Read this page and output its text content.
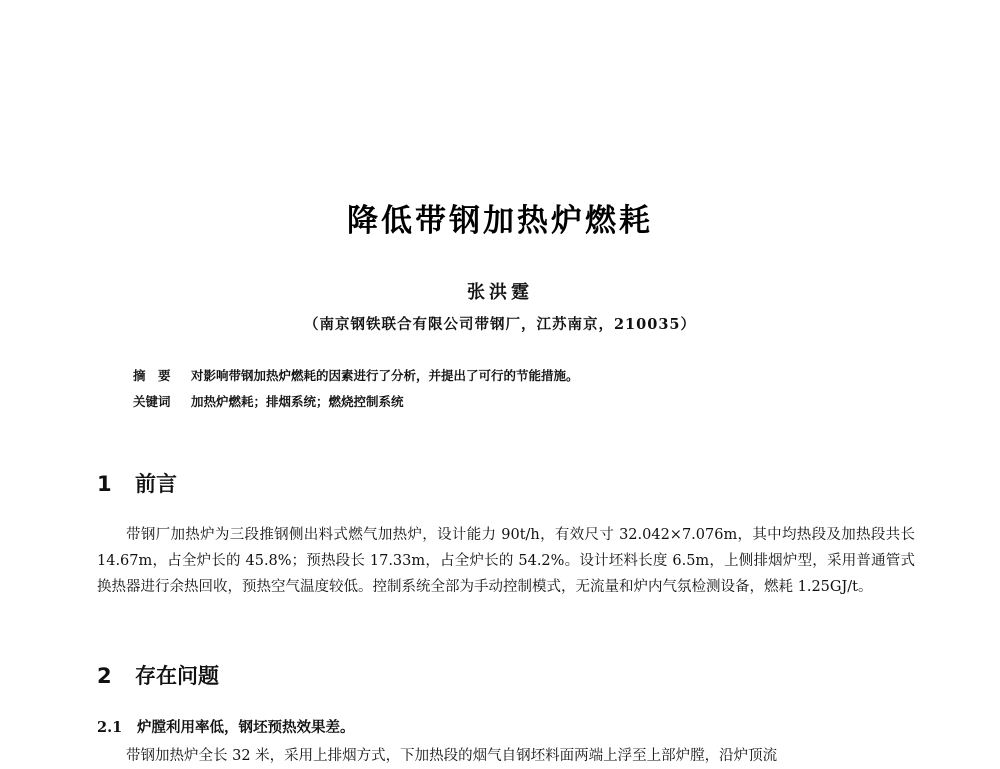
降低带钢加热炉燃耗
张洪霆
（南京钢铁联合有限公司带钢厂，江苏南京，210035）
摘　要 对影响带钢加热炉燃耗的因素进行了分析，并提出了可行的节能措施。
关键词 加热炉燃耗；排烟系统；燃烧控制系统
1 前言

带钢厂加热炉为三段推钢侧出料式燃气加热炉，设计能力 90t/h，有效尺寸 32.042×7.076m，其中均热段及加热段共长 14.67m，占全炉长的 45.8%；预热段长 17.33m，占全炉长的 54.2%。设计坯料长度 6.5m，上侧排烟炉型，采用普通管式换热器进行余热回收，预热空气温度较低。控制系统全部为手动控制模式，无流量和炉内气氛检测设备，燃耗 1.25GJ/t。

2 存在问题
2.1 炉膛利用率低，钢坯预热效果差。

带钢加热炉全长 32 米，采用上排烟方式，下加热段的烟气自钢坯料面两端上浮至上部炉膛，沿炉顶流
